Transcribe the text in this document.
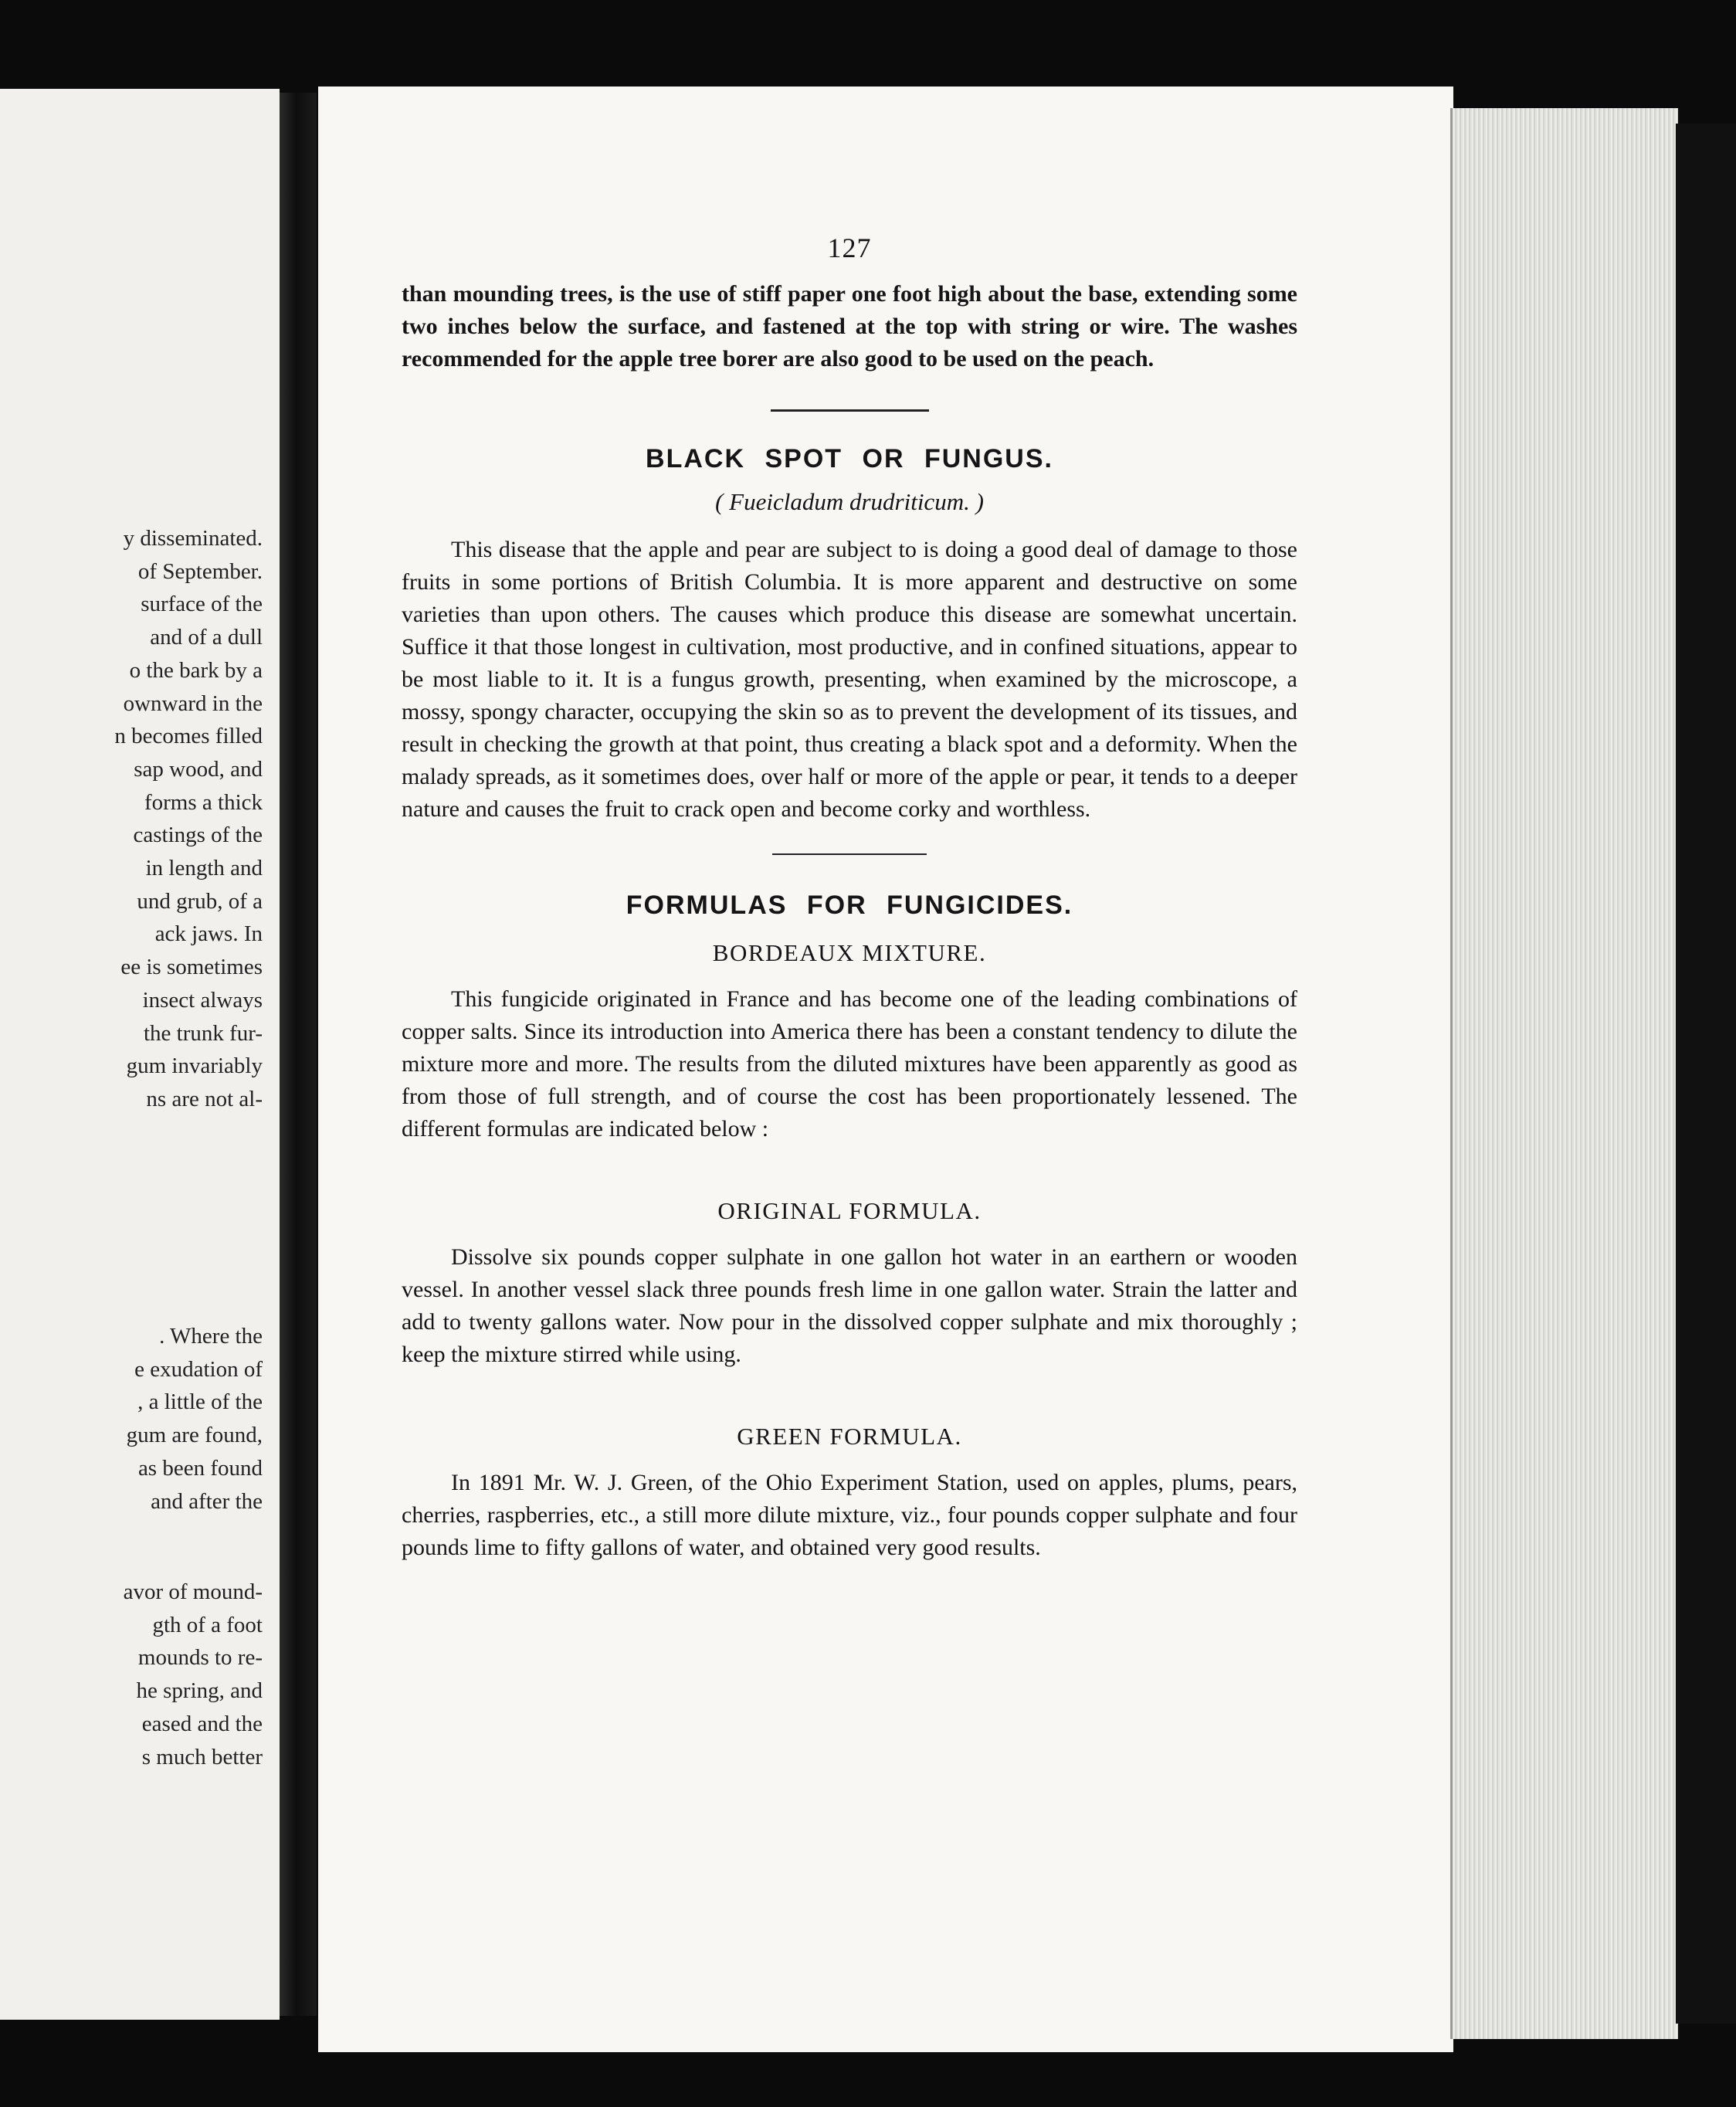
y disseminated.
of September.
surface of the
and of a dull
o the bark by a
ownward in the
n becomes filled
sap wood, and
forms a thick
castings of the
in length and
und grub, of a
ack jaws. In
ee is sometimes
insect always
the trunk fur-
gum invariably
ns are not al-
. Where the
e exudation of
, a little of the
gum are found,
as been found
and after the
avor of mound-
gth of a foot
mounds to re-
he spring, and
eased and the
s much better
127

than mounding trees, is the use of stiff paper one foot high about the base, extending some two inches below the surface, and fastened at the top with string or wire. The washes recommended for the apple tree borer are also good to be used on the peach.

BLACK SPOT OR FUNGUS.
( Fueicladum drudriticum. )

This disease that the apple and pear are subject to is doing a good deal of damage to those fruits in some portions of British Columbia. It is more apparent and destructive on some varieties than upon others. The causes which produce this disease are somewhat uncertain. Suffice it that those longest in cultivation, most productive, and in confined situations, appear to be most liable to it. It is a fungus growth, presenting, when examined by the microscope, a mossy, spongy character, occupying the skin so as to prevent the development of its tissues, and result in checking the growth at that point, thus creating a black spot and a deformity. When the malady spreads, as it sometimes does, over half or more of the apple or pear, it tends to a deeper nature and causes the fruit to crack open and become corky and worthless.

FORMULAS FOR FUNGICIDES.
BORDEAUX MIXTURE.

This fungicide originated in France and has become one of the leading combinations of copper salts. Since its introduction into America there has been a constant tendency to dilute the mixture more and more. The results from the diluted mixtures have been apparently as good as from those of full strength, and of course the cost has been proportionately lessened. The different formulas are indicated below :

ORIGINAL FORMULA.

Dissolve six pounds copper sulphate in one gallon hot water in an earthern or wooden vessel. In another vessel slack three pounds fresh lime in one gallon water. Strain the latter and add to twenty gallons water. Now pour in the dissolved copper sulphate and mix thoroughly ; keep the mixture stirred while using.

GREEN FORMULA.

In 1891 Mr. W. J. Green, of the Ohio Experiment Station, used on apples, plums, pears, cherries, raspberries, etc., a still more dilute mixture, viz., four pounds copper sulphate and four pounds lime to fifty gallons of water, and obtained very good results.
